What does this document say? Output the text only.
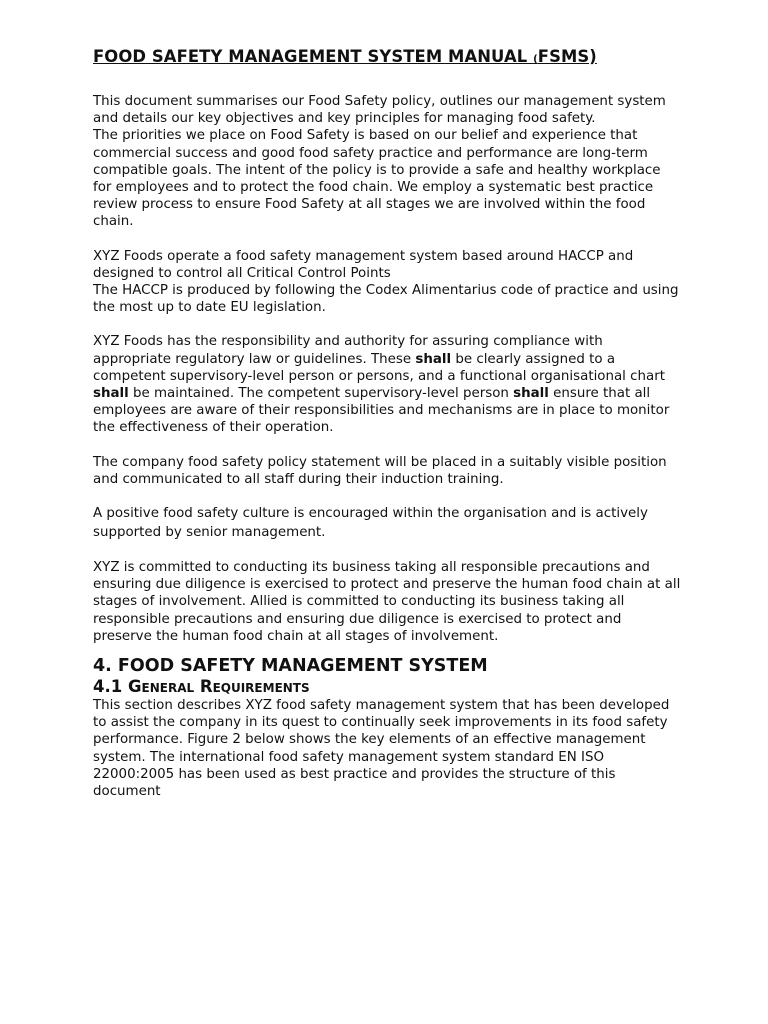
FOOD SAFETY MANAGEMENT SYSTEM MANUAL (FSMS)

This document summarises our Food Safety policy, outlines our management system and details our key objectives and key principles for managing food safety.

The priorities we place on Food Safety is based on our belief and experience that commercial success and good food safety practice and performance are long-term compatible goals. The intent of the policy is to provide a safe and healthy workplace for employees and to protect the food chain. We employ a systematic best practice review process to ensure Food Safety at all stages we are involved within the food chain.

XYZ Foods operate a food safety management system based around HACCP and designed to control all Critical Control Points

The HACCP is produced by following the Codex Alimentarius code of practice and using the most up to date EU legislation.

XYZ Foods has the responsibility and authority for assuring compliance with appropriate regulatory law or guidelines. These shall be clearly assigned to a competent supervisory-level person or persons, and a functional organisational chart shall be maintained. The competent supervisory-level person shall ensure that all employees are aware of their responsibilities and mechanisms are in place to monitor the effectiveness of their operation.

The company food safety policy statement will be placed in a suitably visible position and communicated to all staff during their induction training.

A positive food safety culture is encouraged within the organisation and is actively supported by senior management.

XYZ is committed to conducting its business taking all responsible precautions and ensuring due diligence is exercised to protect and preserve the human food chain at all stages of involvement. Allied is committed to conducting its business taking all responsible precautions and ensuring due diligence is exercised to protect and preserve the human food chain at all stages of involvement.

4. FOOD SAFETY MANAGEMENT SYSTEM
4.1 General Requirements

This section describes XYZ food safety management system that has been developed to assist the company in its quest to continually seek improvements in its food safety performance. Figure 2 below shows the key elements of an effective management system. The international food safety management system standard EN ISO 22000:2005 has been used as best practice and provides the structure of this document
